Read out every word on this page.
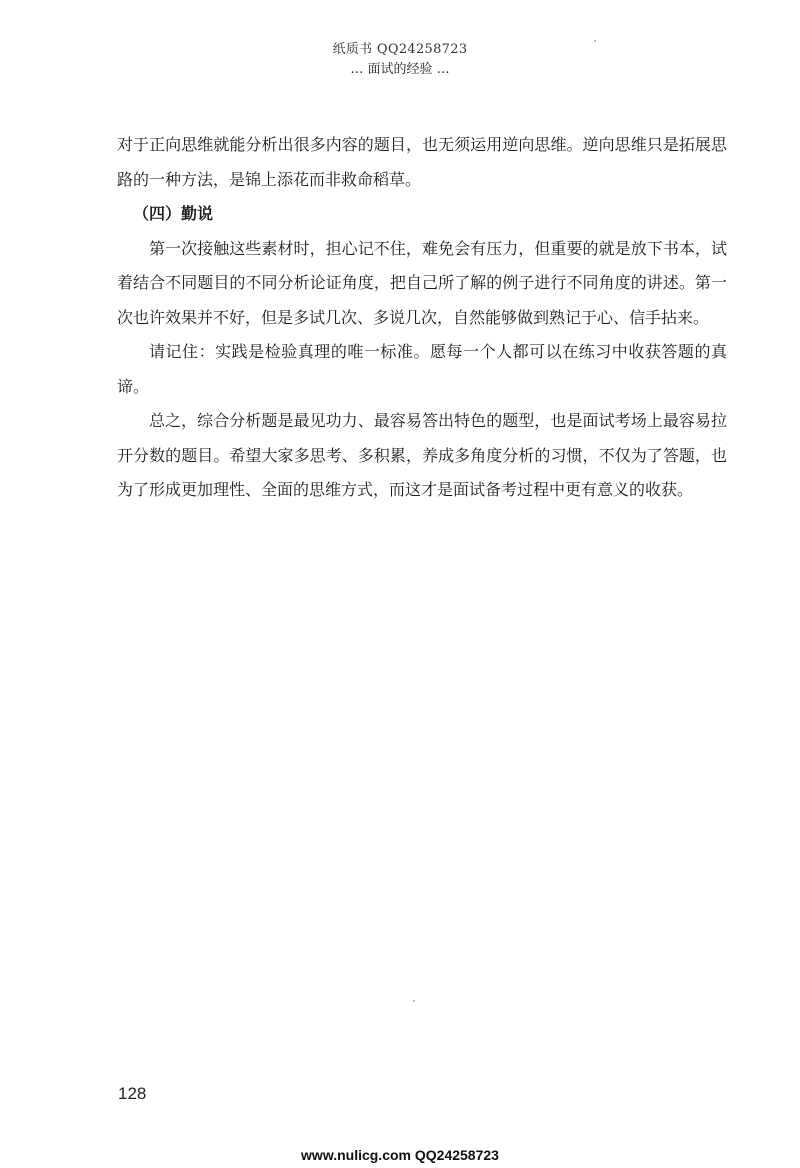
纸质书 QQ24258723
… 面试的经验 …

对于正向思维就能分析出很多内容的题目，也无须运用逆向思维。逆向思维只是拓展思路的一种方法，是锦上添花而非救命稻草。

（四）勤说

第一次接触这些素材时，担心记不住，难免会有压力，但重要的就是放下书本，试着结合不同题目的不同分析论证角度，把自己所了解的例子进行不同角度的讲述。第一次也许效果并不好，但是多试几次、多说几次，自然能够做到熟记于心、信手拈来。

请记住：实践是检验真理的唯一标准。愿每一个人都可以在练习中收获答题的真谛。

总之，综合分析题是最见功力、最容易答出特色的题型，也是面试考场上最容易拉开分数的题目。希望大家多思考、多积累，养成多角度分析的习惯，不仅为了答题，也为了形成更加理性、全面的思维方式，而这才是面试备考过程中更有意义的收获。

128
www.nulicg.com QQ24258723
